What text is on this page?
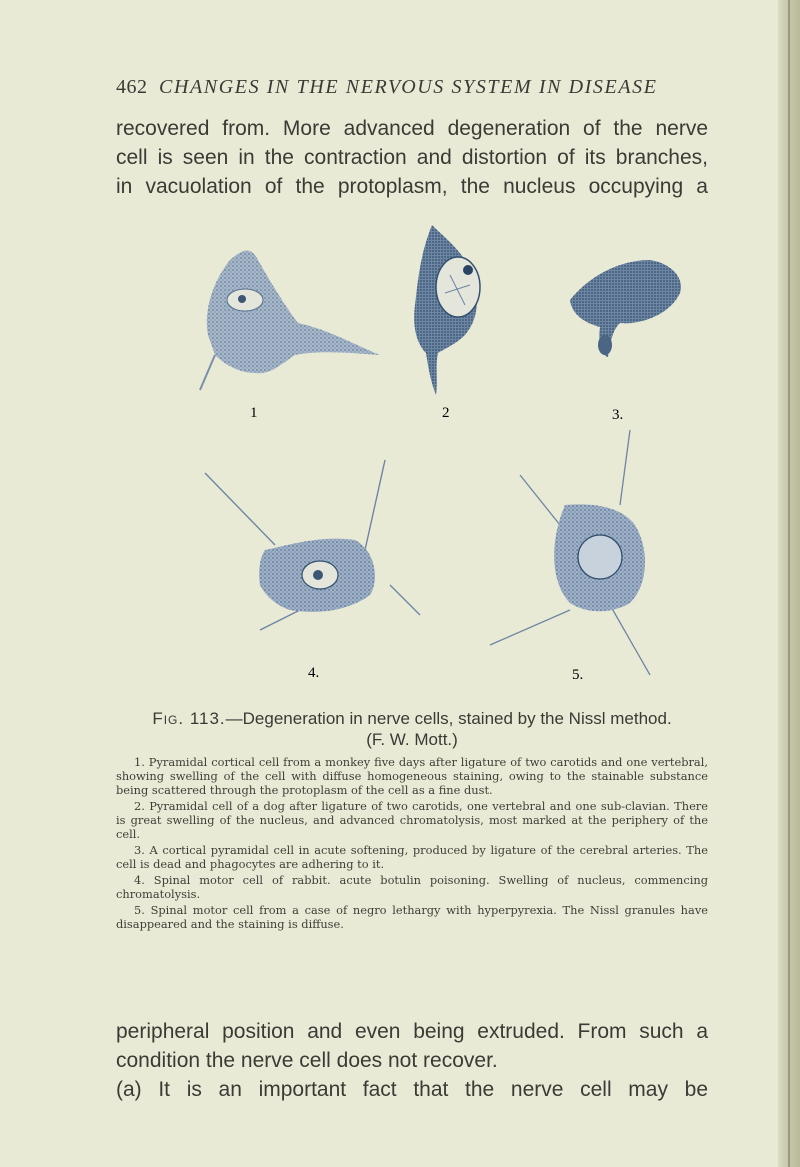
462 CHANGES IN THE NERVOUS SYSTEM IN DISEASE
recovered from. More advanced degeneration of the nerve
cell is seen in the contraction and distortion of its branches,
in vacuolation of the protoplasm, the nucleus occupying a
1	2	3.
4.	5.
Fig. 113.—Degeneration in nerve cells, stained by the Nissl method.
(F. W. Mott.)

1. Pyramidal cortical cell from a monkey five days after ligature of two carotids and one vertebral, showing swelling of the cell with diffuse homogeneous staining, owing to the stainable substance being scattered through the protoplasm of the cell as a fine dust.

2. Pyramidal cell of a dog after ligature of two carotids, one vertebral and one sub-clavian. There is great swelling of the nucleus, and advanced chromatolysis, most marked at the periphery of the cell.

3. A cortical pyramidal cell in acute softening, produced by ligature of the cerebral arteries. The cell is dead and phagocytes are adhering to it.

4. Spinal motor cell of rabbit. acute botulin poisoning. Swelling of nucleus, commencing chromatolysis.

5. Spinal motor cell from a case of negro lethargy with hyperpyrexia. The Nissl granules have disappeared and the staining is diffuse.

peripheral position and even being extruded. From such a
condition the nerve cell does not recover.
(a) It is an important fact that the nerve cell may be
